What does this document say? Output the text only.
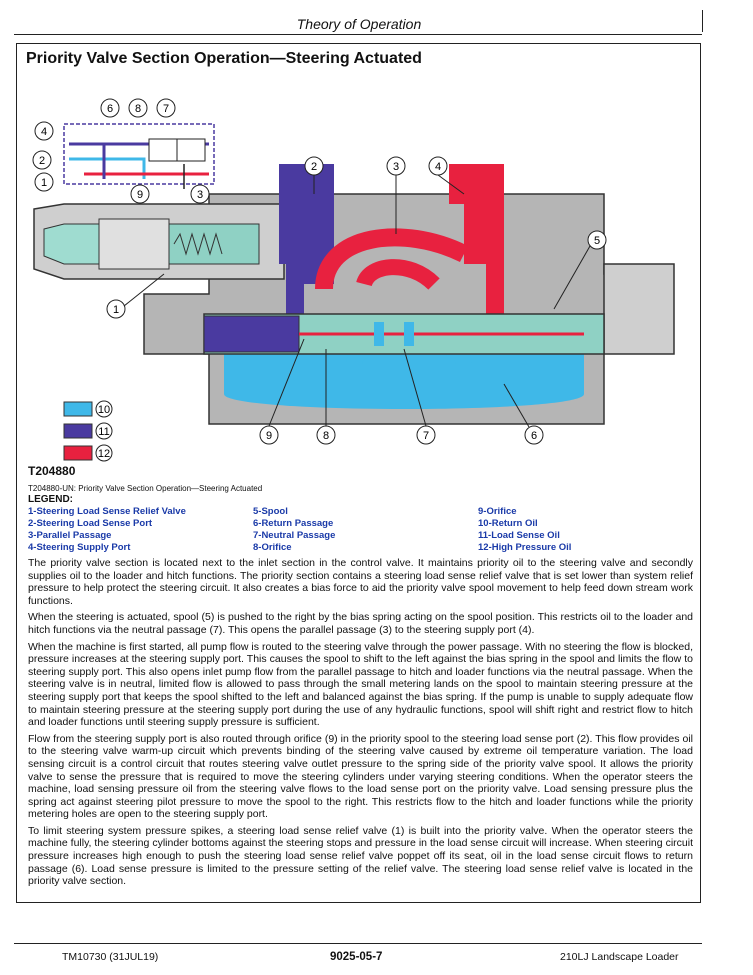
Theory of Operation
Priority Valve Section Operation—Steering Actuated
1
1
2
2	3
3
4
4
5
6
6
7
7
8
8
9
9
10
11
12
T204880
T204880-UN: Priority Valve Section Operation—Steering Actuated
LEGEND:
1-Steering Load Sense Relief Valve
2-Steering Load Sense Port
3-Parallel Passage
4-Steering Supply Port
5-Spool
6-Return Passage
7-Neutral Passage
8-Orifice
9-Orifice
10-Return Oil
11-Load Sense Oil
12-High Pressure Oil

The priority valve section is located next to the inlet section in the control valve. It maintains priority oil to the steering valve and secondly supplies oil to the loader and hitch functions. The priority section contains a steering load sense relief valve that is set lower than system relief pressure to help protect the steering circuit. It also creates a bias force to aid the priority valve spool movement to help feed down stream work functions.

When the steering is actuated, spool (5) is pushed to the right by the bias spring acting on the spool position. This restricts oil to the loader and hitch functions via the neutral passage (7). This opens the parallel passage (3) to the steering supply port (4).

When the machine is first started, all pump flow is routed to the steering valve through the power passage. With no steering the flow is blocked, pressure increases at the steering supply port. This causes the spool to shift to the left against the bias spring in the spool and limits the flow to steering supply port. This also opens inlet pump flow from the parallel passage to hitch and loader functions via the neutral passage. When the steering valve is in neutral, limited flow is allowed to pass through the small metering lands on the spool to maintain steering pressure at the steering supply port that keeps the spool shifted to the left and balanced against the bias spring. If the pump is unable to supply adequate flow to maintain steering pressure at the steering supply port during the use of any hydraulic functions, spool will shift right and restrict flow to hitch and loader functions until steering supply pressure is sufficient.

Flow from the steering supply port is also routed through orifice (9) in the priority spool to the steering load sense port (2). This flow provides oil to the steering valve warm-up circuit which prevents binding of the steering valve caused by extreme oil temperature variation. The load sensing circuit is a control circuit that routes steering valve outlet pressure to the spring side of the priority valve spool. It allows the priority valve to sense the pressure that is required to move the steering cylinders under varying steering conditions. When the operator steers the machine, load sensing pressure oil from the steering valve flows to the load sense port on the priority valve. Load sensing pressure plus the spring act against steering pilot pressure to move the spool to the right. This restricts flow to the hitch and loader functions while the priority metering holes are open to the steering supply port.

To limit steering system pressure spikes, a steering load sense relief valve (1) is built into the priority valve. When the operator steers the machine fully, the steering cylinder bottoms against the steering stops and pressure in the load sense circuit will increase. When steering circuit pressure increases high enough to push the steering load sense relief valve poppet off its seat, oil in the load sense circuit flows to return passage (6). Load sense pressure is limited to the pressure setting of the relief valve. The steering load sense relief valve is located in the priority valve section.

TM10730 (31JUL19)	9025-05-7	210LJ Landscape Loader
